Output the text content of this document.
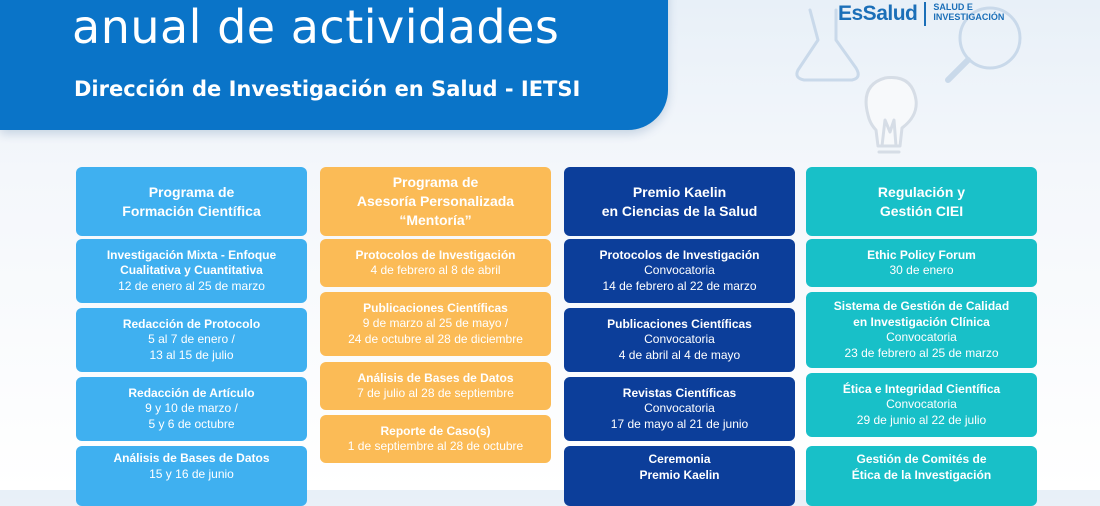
anual de actividades
Dirección de Investigación en Salud - IETSI
EsSalud SALUD E
INVESTIGACIÓN
Programa de
Formación Científica
Investigación Mixta - Enfoque
Cualitativa y Cuantitativa
12 de enero al 25 de marzo
Redacción de Protocolo
5 al 7 de enero /
13 al 15 de julio
Redacción de Artículo
9 y 10 de marzo /
5 y 6 de octubre
Análisis de Bases de Datos
15 y 16 de junio
Programa de
Asesoría Personalizada
“Mentoría”
Protocolos de Investigación
4 de febrero al 8 de abril
Publicaciones Científicas
9 de marzo al 25 de mayo /
24 de octubre al 28 de diciembre
Análisis de Bases de Datos
7 de julio al 28 de septiembre
Reporte de Caso(s)
1 de septiembre al 28 de octubre
Premio Kaelin
en Ciencias de la Salud
Protocolos de Investigación
Convocatoria
14 de febrero al 22 de marzo
Publicaciones Científicas
Convocatoria
4 de abril al 4 de mayo
Revistas Científicas
Convocatoria
17 de mayo al 21 de junio
Ceremonia
Premio Kaelin
Regulación y
Gestión CIEI
Ethic Policy Forum
30 de enero
Sistema de Gestión de Calidad
en Investigación Clínica
Convocatoria
23 de febrero al 25 de marzo
Ética e Integridad Científica
Convocatoria
29 de junio al 22 de julio
Gestión de Comités de
Ética de la Investigación
